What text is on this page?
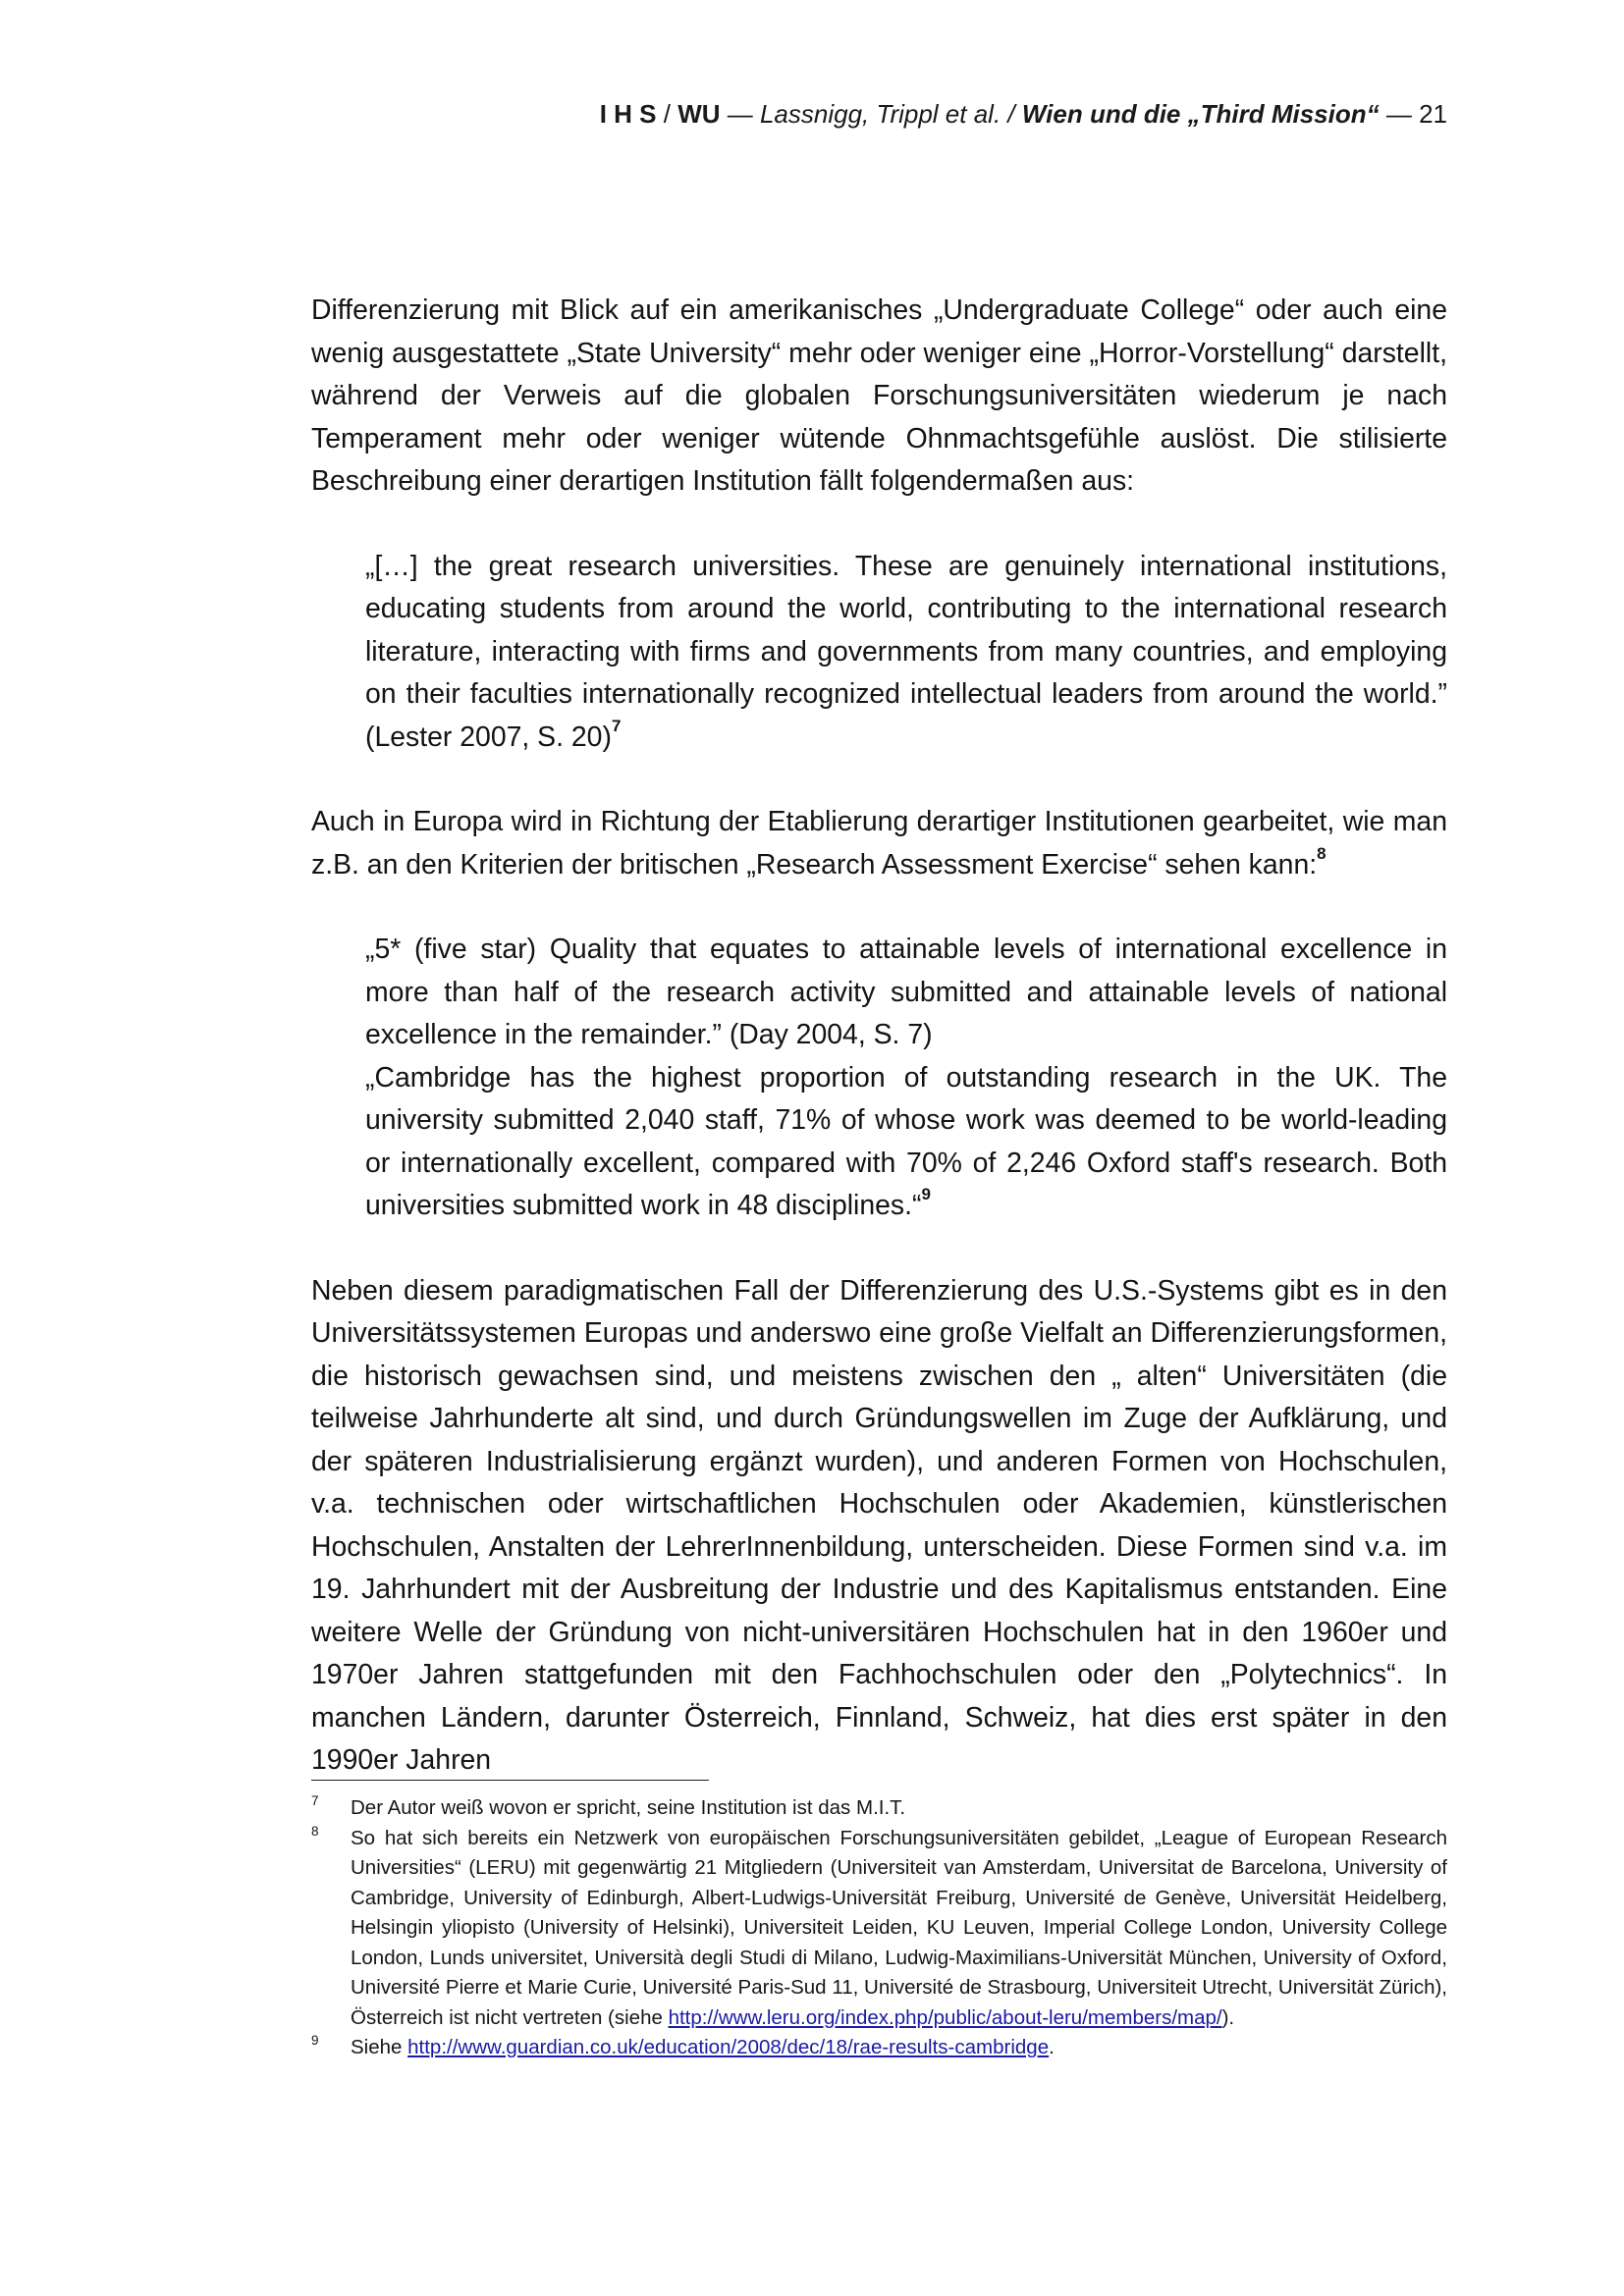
I H S / WU — Lassnigg, Trippl et al. / Wien und die „Third Mission“ — 21

Differenzierung mit Blick auf ein amerikanisches „Undergraduate College“ oder auch eine wenig ausgestattete „State University“ mehr oder weniger eine „Horror-Vorstellung“ darstellt, während der Verweis auf die globalen Forschungsuniversitäten wiederum je nach Temperament mehr oder weniger wütende Ohnmachtsgefühle auslöst. Die stilisierte Beschreibung einer derartigen Institution fällt folgendermaßen aus:

„[…] the great research universities. These are genuinely international institutions, educating students from around the world, contributing to the international research literature, interacting with firms and governments from many countries, and employing on their faculties internationally recognized intellectual leaders from around the world.” (Lester 2007, S. 20)$^7$

Auch in Europa wird in Richtung der Etablierung derartiger Institutionen gearbeitet, wie man z.B. an den Kriterien der britischen „Research Assessment Exercise“ sehen kann:$^8$

„5* (five star) Quality that equates to attainable levels of international excellence in more than half of the research activity submitted and attainable levels of national excellence in the remainder.” (Day 2004, S. 7)

„Cambridge has the highest proportion of outstanding research in the UK. The university submitted 2,040 staff, 71% of whose work was deemed to be world-leading or internationally excellent, compared with 70% of 2,246 Oxford staff's research. Both universities submitted work in 48 disciplines.“$^9$

Neben diesem paradigmatischen Fall der Differenzierung des U.S.-Systems gibt es in den Universitätssystemen Europas und anderswo eine große Vielfalt an Differenzierungsformen, die historisch gewachsen sind, und meistens zwischen den „ alten“ Universitäten (die teilweise Jahrhunderte alt sind, und durch Gründungswellen im Zuge der Aufklärung, und der späteren Industrialisierung ergänzt wurden), und anderen Formen von Hochschulen, v.a. technischen oder wirtschaftlichen Hochschulen oder Akademien, künstlerischen Hochschulen, Anstalten der LehrerInnenbildung, unterscheiden. Diese Formen sind v.a. im 19. Jahrhundert mit der Ausbreitung der Industrie und des Kapitalismus entstanden. Eine weitere Welle der Gründung von nicht-universitären Hochschulen hat in den 1960er und 1970er Jahren stattgefunden mit den Fachhochschulen oder den „Polytechnics“. In manchen Ländern, darunter Österreich, Finnland, Schweiz, hat dies erst später in den 1990er Jahren

7 Der Autor weiß wovon er spricht, seine Institution ist das M.I.T.
8 So hat sich bereits ein Netzwerk von europäischen Forschungsuniversitäten gebildet, „League of European Research Universities“ (LERU) mit gegenwärtig 21 Mitgliedern (Universiteit van Amsterdam, Universitat de Barcelona, University of Cambridge, University of Edinburgh, Albert-Ludwigs-Universität Freiburg, Université de Genève, Universität Heidelberg, Helsingin yliopisto (University of Helsinki), Universiteit Leiden, KU Leuven, Imperial College London, University College London, Lunds universitet, Università degli Studi di Milano, Ludwig-Maximilians-Universität München, University of Oxford, Université Pierre et Marie Curie, Université Paris-Sud 11, Université de Strasbourg, Universiteit Utrecht, Universität Zürich), Österreich ist nicht vertreten (siehe http://www.leru.org/index.php/public/about-leru/members/map/).
9 Siehe http://www.guardian.co.uk/education/2008/dec/18/rae-results-cambridge.
